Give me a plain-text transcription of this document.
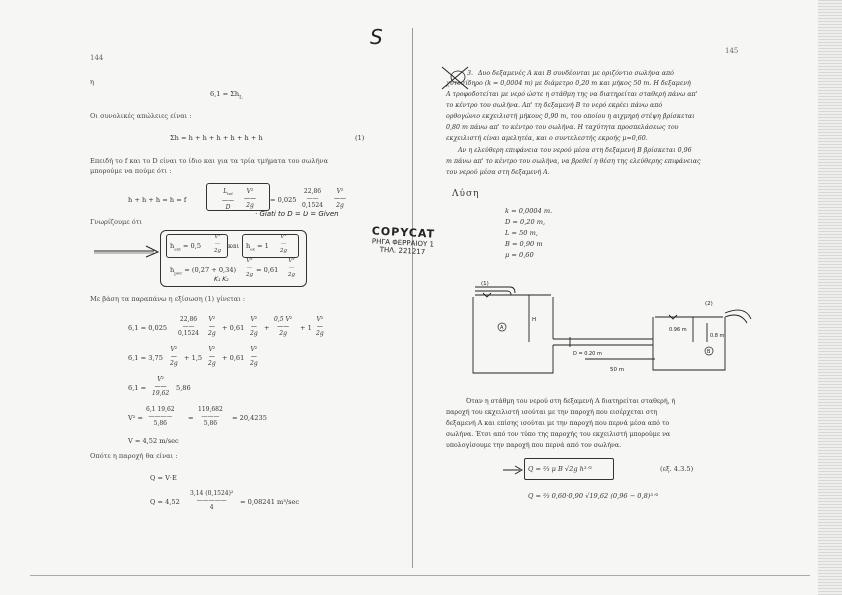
144
η
$6,1 = \Sigma h_L$
Οι συνολικές απώλειες είναι :
Σh = h + h + h + h + h + h	(1)
Επειδή το f και το D είναι το ίδιο και για τα τρία τμήματα του σωλήνα
μπορούμε να πούμε ότι :
h + h + h = h = f
$L_{tot}$
——
D
V²
——
2g
= 0,025
22,86
——
0,1524
V²
——
2g
· Giati to D = Ʋ = Given
Γνωρίζουμε ότι
$h_{ent} = 0,5$
V²
—
2g
και $h_{ex} = 1$
V²
—
2g
$h_{pwr} = (0,27 + 0,34)$
V²
—
2g
= 0,61
V²
—
2g
K₁ K₂
Με βάση τα παραπάνω η εξίσωση (1) γίνεται :
6,1 = 0,025
22,86
——
0,1524
V²
—
2g
+ 0,61
V²
—
2g
+
0,5 V²
——
2g
+ 1
V²
—
2g
6,1 = 3,75
V²
—
2g
+ 1,5
V²
—
2g
+ 0,61
V²
—
2g
6,1 =
V²
——
19,62
5,86
V² =
6,1 19,62
————
5,86
=
119,682
———
5,86
= 20,4235
V = 4,52 m/sec
Οπότε η παροχή θα είναι :
Q = V·E
Q = 4,52
3,14 (0,1524)²
—————
4
= 0,08241 m³/sec
COPYCAT
ΡΗΓΑ ΦΕΡΡΑΙΟΥ 1
ΤΗΛ. 221217
S
145
3. Δυο δεξαμενές Α και Β συνδέονται με οριζόντιο σωλήνα από
χυτοσίδηρο (k = 0,0004 m) με διάμετρο 0,20 m και μήκος 50 m. Η δεξαμενή
Α τροφοδοτείται με νερό ώστε η στάθμη της να διατηρείται σταθερή πάνω απ'
το κέντρο του σωλήνα. Απ' τη δεξαμενή Β το νερό εκρέει πάνω από
ορθογώνιο εκχειλιστή μήκους 0,90 m, του οποίου η αιχμηρή στέψη βρίσκεται
0,80 m πάνω απ' το κέντρο του σωλήνα. Η ταχύτητα προσπελάσεως του
εκχειλιστή είναι αμελητέα, και ο συντελεστής εκροής μ=0,60.
Αν η ελεύθερη επιφάνεια του νερού μέσα στη δεξαμενή Β βρίσκεται 0,96
m πάνω απ' το κέντρο του σωλήνα, να βρεθεί η θέση της ελεύθερης επιφάνειας
του νερού μέσα στη δεξαμενή Α.
Λύση
k = 0,0004 m.
D = 0,20 m,
L = 50 m,
B = 0,90 m
μ = 0,60
(1)
(2)
A
B
H
D = 0.20 m
50 m
0.96 m
0.8 m
Όταν η στάθμη του νερού στη δεξαμενή Α διατηρείται σταθερή, ή
παροχή του εκχειλιστή ισούται με την παροχή που εισέρχεται στη
δεξαμενή Α και επίσης ισούται με την παροχή που περνά μέσα από το
σωλήνα. Έτσι από τον τύπο της παροχής του εκχειλιστή μπορούμε να
υπολογίσουμε την παροχή που περνά από τον σωλήνα.
Q = ⅔ μ B √2g h³ᐟ²	(εξ. 4.3.5)
Q = ⅔ 0,60·0,90 √19,62 (0,96 − 0,8)³ᐟ²
